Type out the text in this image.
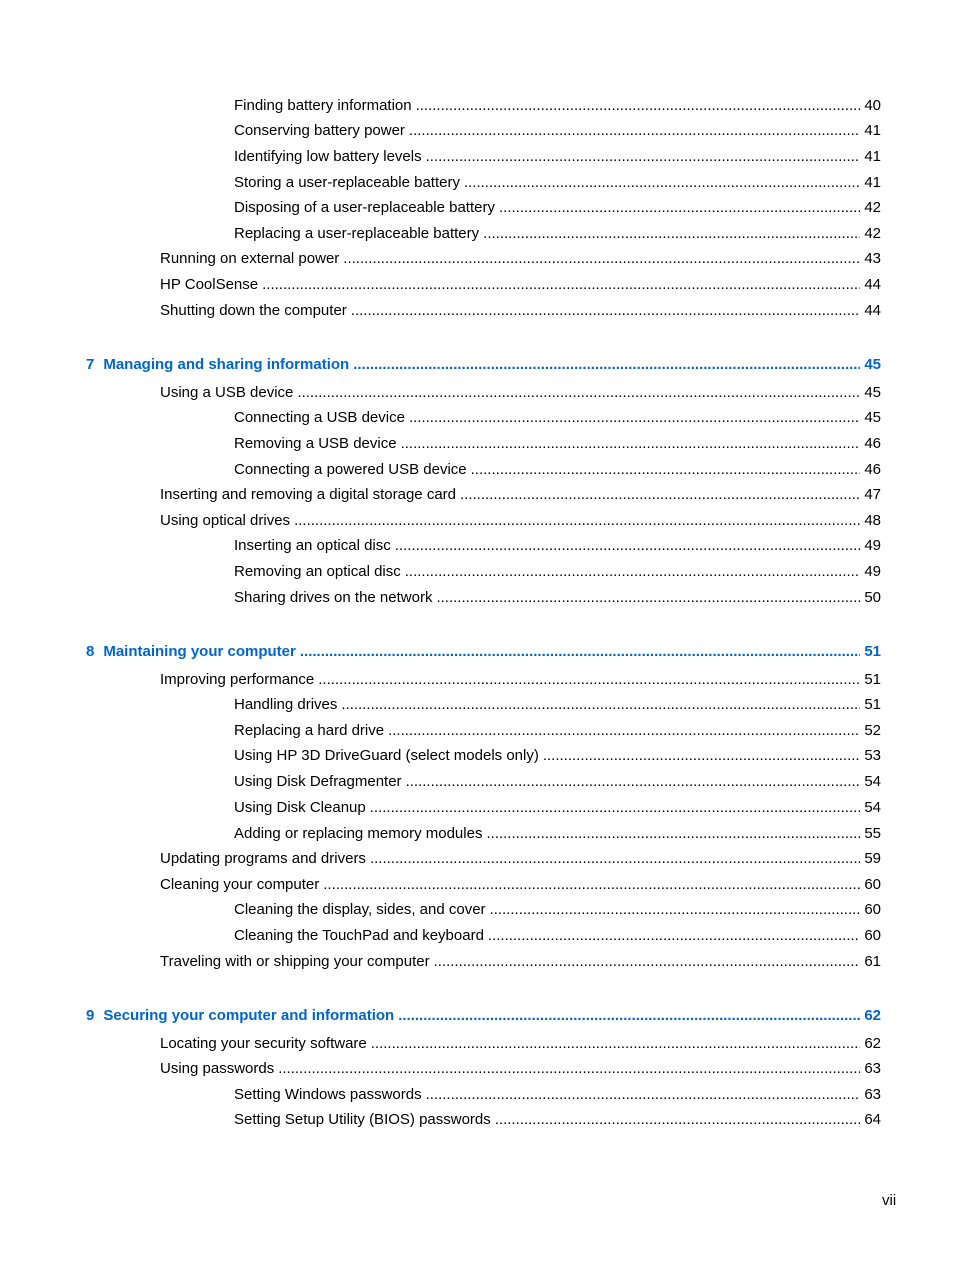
Finding battery information .....	40
Conserving battery power .....	41
Identifying low battery levels .....	41
Storing a user-replaceable battery .....	41
Disposing of a user-replaceable battery .....	42
Replacing a user-replaceable battery .....	42
Running on external power .....	43
HP CoolSense .....	44
Shutting down the computer .....	44
7 Managing and sharing information .....	45
Using a USB device .....	45
Connecting a USB device .....	45
Removing a USB device .....	46
Connecting a powered USB device .....	46
Inserting and removing a digital storage card .....	47
Using optical drives .....	48
Inserting an optical disc .....	49
Removing an optical disc .....	49
Sharing drives on the network .....	50
8 Maintaining your computer .....	51
Improving performance .....	51
Handling drives .....	51
Replacing a hard drive .....	52
Using HP 3D DriveGuard (select models only) .....	53
Using Disk Defragmenter .....	54
Using Disk Cleanup .....	54
Adding or replacing memory modules .....	55
Updating programs and drivers .....	59
Cleaning your computer .....	60
Cleaning the display, sides, and cover .....	60
Cleaning the TouchPad and keyboard .....	60
Traveling with or shipping your computer .....	61
9 Securing your computer and information .....	62
Locating your security software .....	62
Using passwords .....	63
Setting Windows passwords .....	63
Setting Setup Utility (BIOS) passwords .....	64
vii
